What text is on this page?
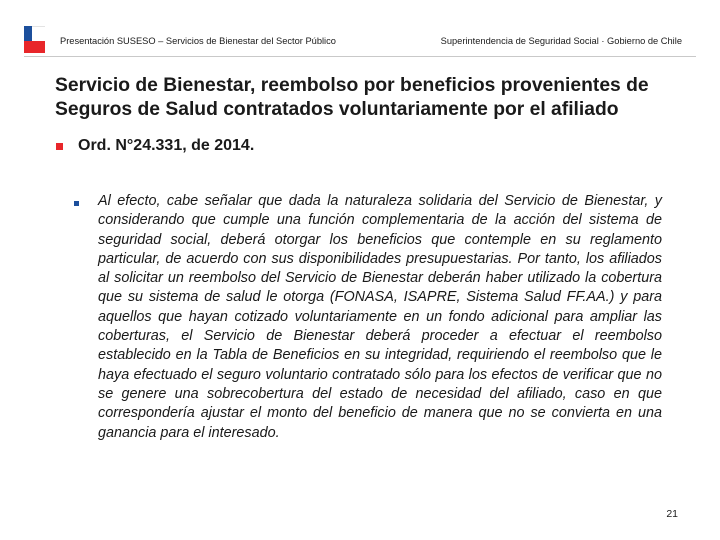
Presentación SUSESO – Servicios de Bienestar del Sector Público	Superintendencia de Seguridad Social · Gobierno de Chile
Servicio de Bienestar, reembolso por beneficios provenientes de Seguros de Salud contratados voluntariamente por el afiliado
Ord. N°24.331, de 2014.

Al efecto, cabe señalar que dada la naturaleza solidaria del Servicio de Bienestar, y considerando que cumple una función complementaria de la acción del sistema de seguridad social, deberá otorgar los beneficios que contemple en su reglamento particular, de acuerdo con sus disponibilidades presupuestarias. Por tanto, los afiliados al solicitar un reembolso del Servicio de Bienestar deberán haber utilizado la cobertura que su sistema de salud le otorga (FONASA, ISAPRE, Sistema Salud FF.AA.) y para aquellos que hayan cotizado voluntariamente en un fondo adicional para ampliar las coberturas, el Servicio de Bienestar deberá proceder a efectuar el reembolso establecido en la Tabla de Beneficios en su integridad, requiriendo el reembolso que le haya efectuado el seguro voluntario contratado sólo para los efectos de verificar que no se genere una sobrecobertura del estado de necesidad del afiliado, caso en que correspondería ajustar el monto del beneficio de manera que no se convierta en una ganancia para el interesado.

21
